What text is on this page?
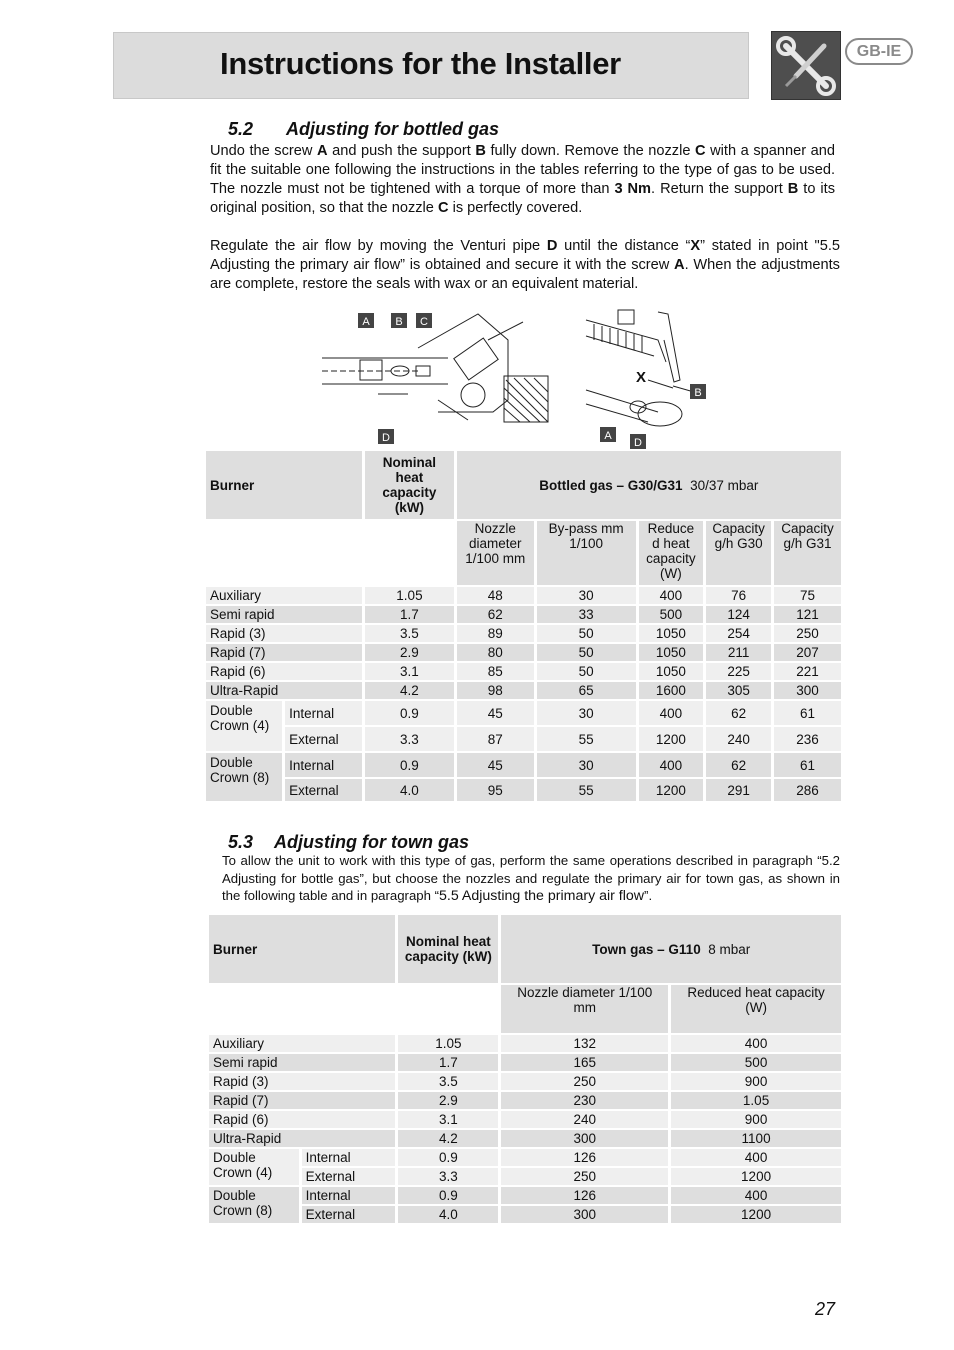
Instructions for the Installer	GB-IE
5.2 Adjusting for bottled gas

Undo the screw A and push the support B fully down. Remove the nozzle C with a spanner and fit the suitable one following the instructions in the tables referring to the type of gas to be used. The nozzle must not be tightened with a torque of more than 3 Nm. Return the support B to its original position, so that the nozzle C is perfectly covered.

Regulate the air flow by moving the Venturi pipe D until the distance “X” stated in point "5.5 Adjusting the primary air flow” is obtained and secure it with the screw A. When the adjustments are complete, restore the seals with wax or an equivalent material.

X
A B C
D
B
A
D
Burner		Nominal heat capacity (kW)	Bottled gas – G30/G31 30/37 mbar				
			Nozzle diameter 1/100 mm	By-pass mm 1/100	Reduce d heat capacity (W)	Capacity g/h G30	Capacity g/h G31
Auxiliary		1.05	48	30	400	76	75
Semi rapid		1.7	62	33	500	124	121
Rapid (3)		3.5	89	50	1050	254	250
Rapid (7)		2.9	80	50	1050	211	207
Rapid (6)		3.1	85	50	1050	225	221
Ultra-Rapid		4.2	98	65	1600	305	300
Double Crown (4)	Internal	0.9	45	30	400	62	61
	External	3.3	87	55	1200	240	236
Double Crown (8)	Internal	0.9	45	30	400	62	61
	External	4.0	95	55	1200	291	286
5.3 Adjusting for town gas

To allow the unit to work with this type of gas, perform the same operations described in paragraph “5.2 Adjusting for bottle gas”, but choose the nozzles and regulate the primary air for town gas, as shown in the following table and in paragraph “5.5 Adjusting the primary air flow”.

Burner		Nominal heat capacity (kW)	Town gas – G110 8 mbar	
			Nozzle diameter 1/100 mm	Reduced heat capacity (W)
Auxiliary		1.05	132	400
Semi rapid		1.7	165	500
Rapid (3)		3.5	250	900
Rapid (7)		2.9	230	1.05
Rapid (6)		3.1	240	900
Ultra-Rapid		4.2	300	1100
Double Crown (4)	Internal	0.9	126	400
	External	3.3	250	1200
Double Crown (8)	Internal	0.9	126	400
	External	4.0	300	1200
27
